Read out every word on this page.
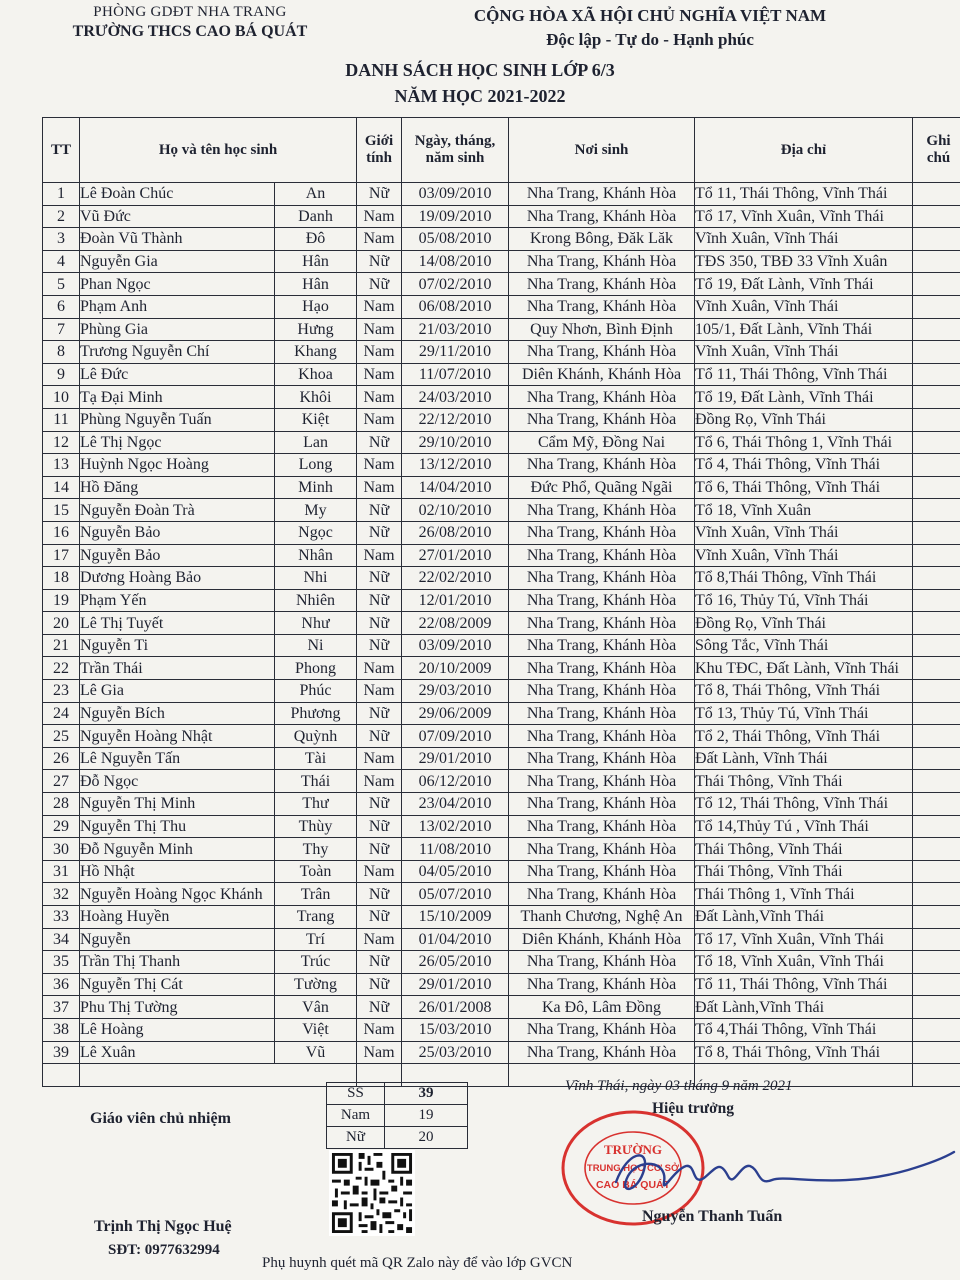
PHÒNG GDĐT NHA TRANG
TRƯỜNG THCS CAO BÁ QUÁT
CỘNG HÒA XÃ HỘI CHỦ NGHĨA VIỆT NAM
Độc lập - Tự do - Hạnh phúc
DANH SÁCH HỌC SINH LỚP 6/3
NĂM HỌC 2021-2022
TT	Họ và tên học sinh		Giới tính	Ngày, tháng, năm sinh	Nơi sinh	Địa chỉ	Ghi chú
1	Lê Đoàn Chúc	An	Nữ	03/09/2010	Nha Trang, Khánh Hòa	Tổ 11, Thái Thông, Vĩnh Thái	
2	Vũ Đức	Danh	Nam	19/09/2010	Nha Trang, Khánh Hòa	Tổ 17, Vĩnh Xuân, Vĩnh Thái	
3	Đoàn Vũ Thành	Đô	Nam	05/08/2010	Krong Bông, Đăk Lăk	Vĩnh Xuân, Vĩnh Thái	
4	Nguyễn Gia	Hân	Nữ	14/08/2010	Nha Trang, Khánh Hòa	TĐS 350, TBĐ 33 Vĩnh Xuân	
5	Phan Ngọc	Hân	Nữ	07/02/2010	Nha Trang, Khánh Hòa	Tổ 19, Đất Lành, Vĩnh Thái	
6	Phạm Anh	Hạo	Nam	06/08/2010	Nha Trang, Khánh Hòa	Vĩnh Xuân, Vĩnh Thái	
7	Phùng Gia	Hưng	Nam	21/03/2010	Quy Nhơn, Bình Định	105/1, Đất Lành, Vĩnh Thái	
8	Trương Nguyễn Chí	Khang	Nam	29/11/2010	Nha Trang, Khánh Hòa	Vĩnh Xuân, Vĩnh Thái	
9	Lê Đức	Khoa	Nam	11/07/2010	Diên Khánh, Khánh Hòa	Tổ 11, Thái Thông, Vĩnh Thái	
10	Tạ Đại Minh	Khôi	Nam	24/03/2010	Nha Trang, Khánh Hòa	Tổ 19, Đất Lành, Vĩnh Thái	
11	Phùng Nguyễn Tuấn	Kiệt	Nam	22/12/2010	Nha Trang, Khánh Hòa	Đồng Rọ, Vĩnh Thái	
12	Lê Thị Ngọc	Lan	Nữ	29/10/2010	Cẩm Mỹ, Đồng Nai	Tổ 6, Thái Thông 1, Vĩnh Thái	
13	Huỳnh Ngọc Hoàng	Long	Nam	13/12/2010	Nha Trang, Khánh Hòa	Tổ 4, Thái Thông, Vĩnh Thái	
14	Hồ Đăng	Minh	Nam	14/04/2010	Đức Phổ, Quãng Ngãi	Tổ 6, Thái Thông, Vĩnh Thái	
15	Nguyễn Đoàn Trà	My	Nữ	02/10/2010	Nha Trang, Khánh Hòa	Tổ 18, Vĩnh Xuân	
16	Nguyễn Bảo	Ngọc	Nữ	26/08/2010	Nha Trang, Khánh Hòa	Vĩnh Xuân, Vĩnh Thái	
17	Nguyễn Bảo	Nhân	Nam	27/01/2010	Nha Trang, Khánh Hòa	Vĩnh Xuân, Vĩnh Thái	
18	Dương Hoàng Bảo	Nhi	Nữ	22/02/2010	Nha Trang, Khánh Hòa	Tổ 8,Thái Thông, Vĩnh Thái	
19	Phạm Yến	Nhiên	Nữ	12/01/2010	Nha Trang, Khánh Hòa	Tổ 16, Thủy Tú, Vĩnh Thái	
20	Lê Thị Tuyết	Như	Nữ	22/08/2009	Nha Trang, Khánh Hòa	Đồng Rọ, Vĩnh Thái	
21	Nguyễn Ti	Ni	Nữ	03/09/2010	Nha Trang, Khánh Hòa	Sông Tắc, Vĩnh Thái	
22	Trần Thái	Phong	Nam	20/10/2009	Nha Trang, Khánh Hòa	Khu TĐC, Đất Lành, Vĩnh Thái	
23	Lê Gia	Phúc	Nam	29/03/2010	Nha Trang, Khánh Hòa	Tổ 8, Thái Thông, Vĩnh Thái	
24	Nguyễn Bích	Phương	Nữ	29/06/2009	Nha Trang, Khánh Hòa	Tổ 13, Thủy Tú, Vĩnh Thái	
25	Nguyễn Hoàng Nhật	Quỳnh	Nữ	07/09/2010	Nha Trang, Khánh Hòa	Tổ 2, Thái Thông, Vĩnh Thái	
26	Lê Nguyễn Tấn	Tài	Nam	29/01/2010	Nha Trang, Khánh Hòa	Đất Lành, Vĩnh Thái	
27	Đỗ Ngọc	Thái	Nam	06/12/2010	Nha Trang, Khánh Hòa	Thái Thông, Vĩnh Thái	
28	Nguyễn Thị Minh	Thư	Nữ	23/04/2010	Nha Trang, Khánh Hòa	Tổ 12, Thái Thông, Vĩnh Thái	
29	Nguyễn Thị Thu	Thùy	Nữ	13/02/2010	Nha Trang, Khánh Hòa	Tổ 14,Thủy Tú , Vĩnh Thái	
30	Đỗ Nguyễn Minh	Thy	Nữ	11/08/2010	Nha Trang, Khánh Hòa	Thái Thông, Vĩnh Thái	
31	Hồ Nhật	Toàn	Nam	04/05/2010	Nha Trang, Khánh Hòa	Thái Thông, Vĩnh Thái	
32	Nguyễn Hoàng Ngọc Khánh	Trân	Nữ	05/07/2010	Nha Trang, Khánh Hòa	Thái Thông 1, Vĩnh Thái	
33	Hoàng Huyền	Trang	Nữ	15/10/2009	Thanh Chương, Nghệ An	Đất Lành,Vĩnh Thái	
34	Nguyễn	Trí	Nam	01/04/2010	Diên Khánh, Khánh Hòa	Tổ 17, Vĩnh Xuân, Vĩnh Thái	
35	Trần Thị Thanh	Trúc	Nữ	26/05/2010	Nha Trang, Khánh Hòa	Tổ 18, Vĩnh Xuân, Vĩnh Thái	
36	Nguyễn Thị Cát	Tường	Nữ	29/01/2010	Nha Trang, Khánh Hòa	Tổ 11, Thái Thông, Vĩnh Thái	
37	Phu Thị Tường	Vân	Nữ	26/01/2008	Ka Đô, Lâm Đồng	Đất Lành,Vĩnh Thái	
38	Lê Hoàng	Việt	Nam	15/03/2010	Nha Trang, Khánh Hòa	Tổ 4,Thái Thông, Vĩnh Thái	
39	Lê Xuân	Vũ	Nam	25/03/2010	Nha Trang, Khánh Hòa	Tổ 8, Thái Thông, Vĩnh Thái	

SS	39
Nam	19
Nữ	20
Giáo viên chủ nhiệm
Trịnh Thị Ngọc Huệ
SĐT: 0977632994
Vĩnh Thái, ngày 03 tháng 9 năm 2021
Hiệu trưởng
TRƯỜNG
TRUNG HỌC CƠ SỞ
CAO BÁ QUÁT
Nguyễn Thanh Tuấn
Phụ huynh quét mã QR Zalo này để vào lớp GVCN
